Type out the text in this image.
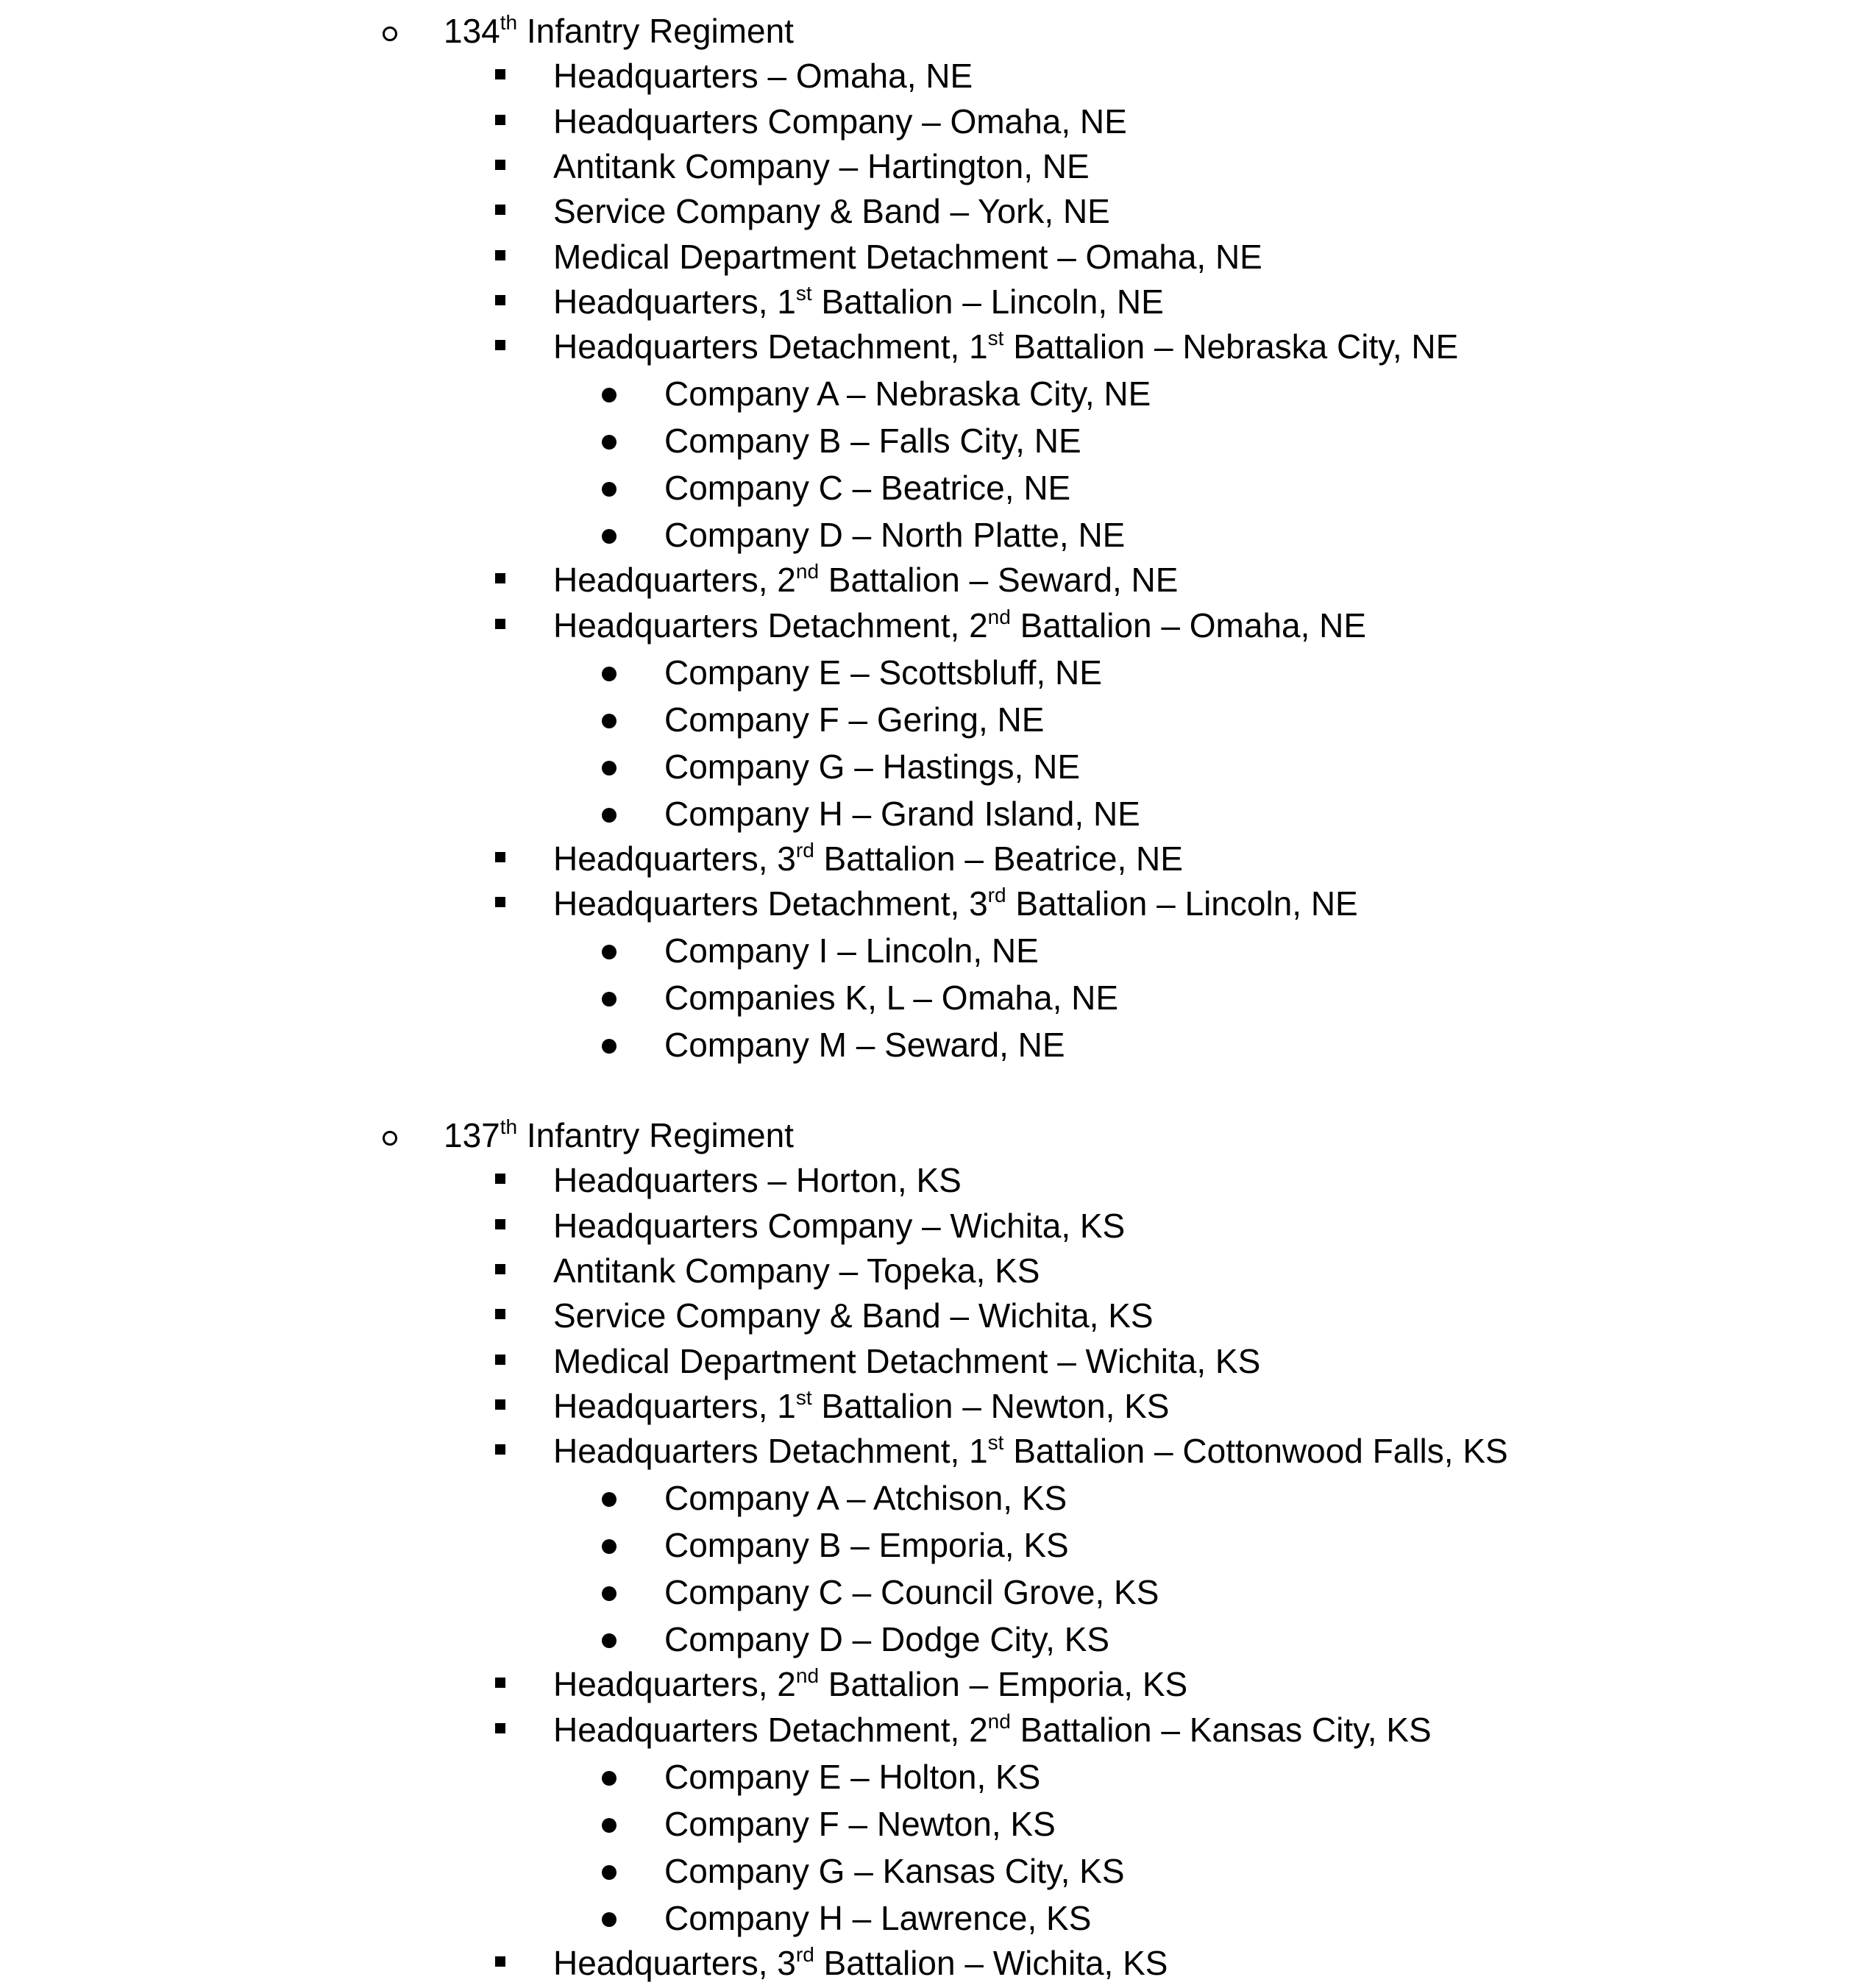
134th Infantry Regiment
Headquarters – Omaha, NE
Headquarters Company – Omaha, NE
Antitank Company – Hartington, NE
Service Company & Band – York, NE
Medical Department Detachment – Omaha, NE
Headquarters, 1st Battalion – Lincoln, NE
Headquarters Detachment, 1st Battalion – Nebraska City, NE
Company A – Nebraska City, NE
Company B – Falls City, NE
Company C – Beatrice, NE
Company D – North Platte, NE
Headquarters, 2nd Battalion – Seward, NE
Headquarters Detachment, 2nd Battalion – Omaha, NE
Company E – Scottsbluff, NE
Company F – Gering, NE
Company G – Hastings, NE
Company H – Grand Island, NE
Headquarters, 3rd Battalion – Beatrice, NE
Headquarters Detachment, 3rd Battalion – Lincoln, NE
Company I – Lincoln, NE
Companies K, L – Omaha, NE
Company M – Seward, NE
137th Infantry Regiment
Headquarters – Horton, KS
Headquarters Company – Wichita, KS
Antitank Company – Topeka, KS
Service Company & Band – Wichita, KS
Medical Department Detachment – Wichita, KS
Headquarters, 1st Battalion – Newton, KS
Headquarters Detachment, 1st Battalion – Cottonwood Falls, KS
Company A – Atchison, KS
Company B – Emporia, KS
Company C – Council Grove, KS
Company D – Dodge City, KS
Headquarters, 2nd Battalion – Emporia, KS
Headquarters Detachment, 2nd Battalion – Kansas City, KS
Company E – Holton, KS
Company F – Newton, KS
Company G – Kansas City, KS
Company H – Lawrence, KS
Headquarters, 3rd Battalion – Wichita, KS
